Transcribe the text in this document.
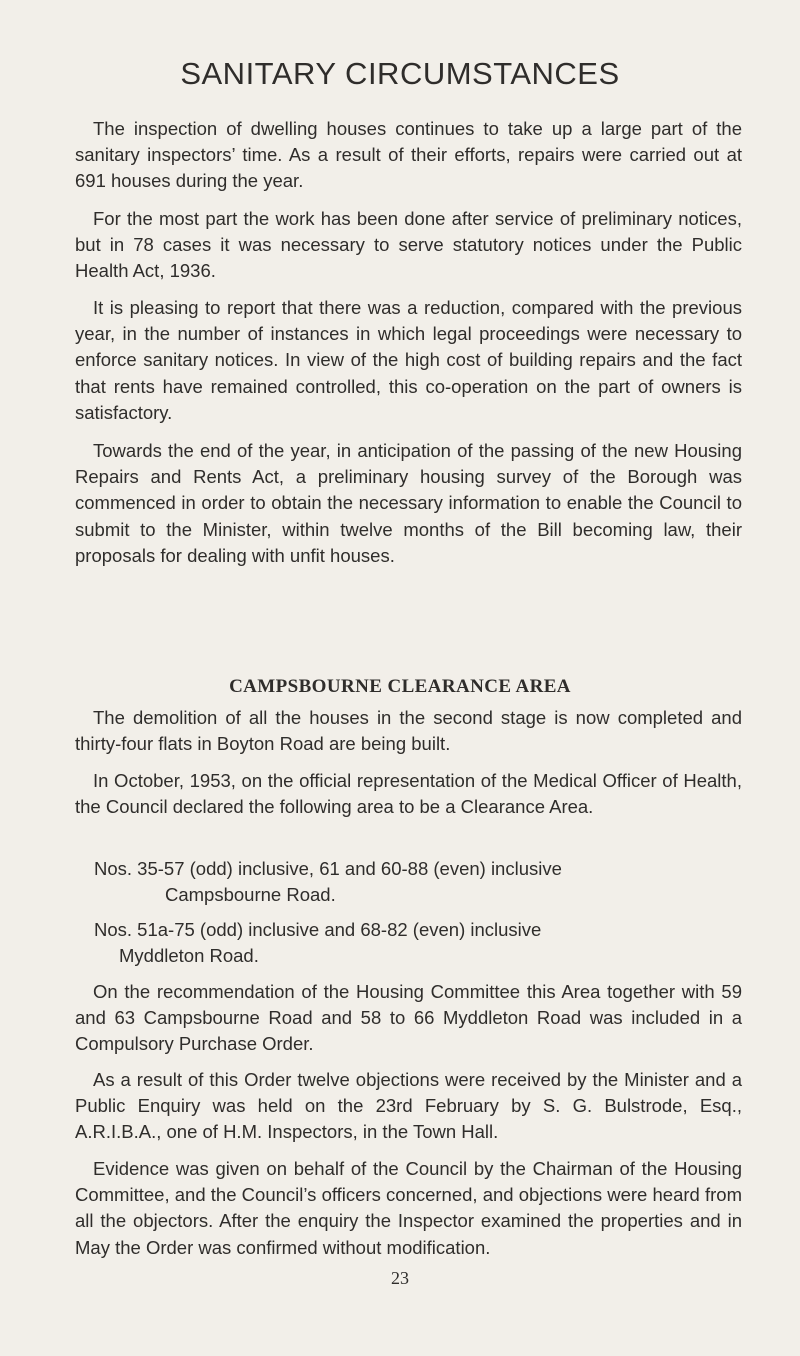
SANITARY CIRCUMSTANCES

The inspection of dwelling houses continues to take up a large part of the sanitary inspectors’ time. As a result of their efforts, repairs were carried out at 691 houses during the year.

For the most part the work has been done after service of preliminary notices, but in 78 cases it was necessary to serve statutory notices under the Public Health Act, 1936.

It is pleasing to report that there was a reduction, compared with the previous year, in the number of instances in which legal proceedings were necessary to enforce sanitary notices. In view of the high cost of building repairs and the fact that rents have remained controlled, this co-operation on the part of owners is satisfactory.

Towards the end of the year, in anticipation of the passing of the new Housing Repairs and Rents Act, a preliminary housing survey of the Borough was commenced in order to obtain the necessary information to enable the Council to submit to the Minister, within twelve months of the Bill becoming law, their proposals for dealing with unfit houses.

CAMPSBOURNE CLEARANCE AREA

The demolition of all the houses in the second stage is now completed and thirty-four flats in Boyton Road are being built.

In October, 1953, on the official representation of the Medical Officer of Health, the Council declared the following area to be a Clearance Area.

Nos. 35-57 (odd) inclusive, 61 and 60-88 (even) inclusive
Campsbourne Road.

Nos. 51a-75 (odd) inclusive and 68-82 (even) inclusive
Myddleton Road.

On the recommendation of the Housing Committee this Area together with 59 and 63 Campsbourne Road and 58 to 66 Myddleton Road was included in a Compulsory Purchase Order.

As a result of this Order twelve objections were received by the Minister and a Public Enquiry was held on the 23rd February by S. G. Bulstrode, Esq., A.R.I.B.A., one of H.M. Inspectors, in the Town Hall.

Evidence was given on behalf of the Council by the Chairman of the Housing Committee, and the Council’s officers concerned, and objections were heard from all the objectors. After the enquiry the Inspector examined the properties and in May the Order was confirmed without modification.

23
